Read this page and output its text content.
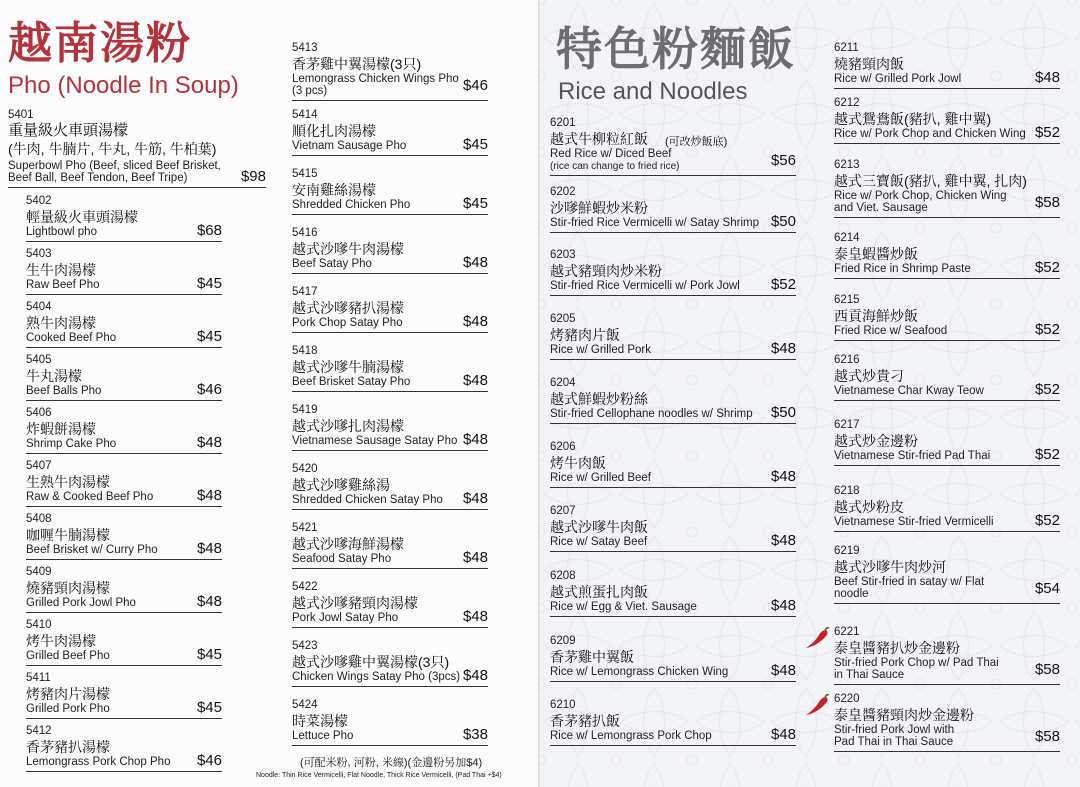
越南湯粉
Pho (Noodle In Soup)
5401
重量級火車頭湯檬
(牛肉, 牛腩片, 牛丸, 牛筋, 牛柏葉)
Superbowl Pho (Beef, sliced Beef Brisket,
Beef Ball, Beef Tendon, Beef Tripe)	$98
5402
輕量級火車頭湯檬
Lightbowl pho	$68
5403
生牛肉湯檬
Raw Beef Pho	$45
5404
熟牛肉湯檬
Cooked Beef Pho	$45
5405
牛丸湯檬
Beef Balls Pho	$46
5406
炸蝦餅湯檬
Shrimp Cake Pho	$48
5407
生熟牛肉湯檬
Raw & Cooked Beef Pho	$48
5408
咖喱牛腩湯檬
Beef Brisket w/ Curry Pho	$48
5409
燒豬頸肉湯檬
Grilled Pork Jowl Pho	$48
5410
烤牛肉湯檬
Grilled Beef Pho	$45
5411
烤豬肉片湯檬
Grilled Pork Pho	$45
5412
香茅豬扒湯檬
Lemongrass Pork Chop Pho $46
5413
香茅雞中翼湯檬(3只)
Lemongrass Chicken Wings Pho
(3 pcs)	$46
5414
順化扎肉湯檬
Vietnam Sausage Pho	$45
5415
安南雞絲湯檬
Shredded Chicken Pho	$45
5416
越式沙嗲牛肉湯檬
Beef Satay Pho	$48
5417
越式沙嗲豬扒湯檬
Pork Chop Satay Pho	$48
5418
越式沙嗲牛腩湯檬
Beef Brisket Satay Pho	$48
5419
越式沙嗲扎肉湯檬
Vietnamese Sausage Satay Pho $48
5420
越式沙嗲雞絲湯
Shredded Chicken Satay Pho $48
5421
越式沙嗲海鮮湯檬
Seafood Satay Pho	$48
5422
越式沙嗲豬頸肉湯檬
Pork Jowl Satay Pho	$48
5423
越式沙嗲雞中翼湯檬(3只)
Chicken Wings Satay Pho (3pcs) $48
5424
時菜湯檬
Lettuce Pho	$38
(可配米粉, 河粉, 米線)(金邊粉另加$4)
Noodle: Thin Rice Vermicelli, Flat Noodle, Thick Rice Vermicelli, (Pad Thai +$4)
特色粉麵飯
Rice and Noodles
6201
越式牛柳粒紅飯 (可改炒飯底)
Red Rice w/ Diced Beef
(rice can change to fried rice)	$56
6202
沙嗲鮮蝦炒米粉
Stir-fried Rice Vermicelli w/ Satay Shrimp $50
6203
越式豬頸肉炒米粉
Stir-fried Rice Vermicelli w/ Pork Jowl $52
6205
烤豬肉片飯
Rice w/ Grilled Pork	$48
6204
越式鮮蝦炒粉絲
Stir-fried Cellophane noodles w/ Shrimp $50
6206
烤牛肉飯
Rice w/ Grilled Beef	$48
6207
越式沙嗲牛肉飯
Rice w/ Satay Beef	$48
6208
越式煎蛋扎肉飯
Rice w/ Egg & Viet. Sausage	$48
6209
香茅雞中翼飯
Rice w/ Lemongrass Chicken Wing	$48
6210
香茅豬扒飯
Rice w/ Lemongrass Pork Chop	$48
6211
燒豬頸肉飯
Rice w/ Grilled Pork Jowl	$48
6212
越式鴛鴦飯(豬扒, 雞中翼)
Rice w/ Pork Chop and Chicken Wing $52
6213
越式三寶飯(豬扒, 雞中翼, 扎肉)
Rice w/ Pork Chop, Chicken Wing
and Viet. Sausage	$58
6214
泰皇蝦醬炒飯
Fried Rice in Shrimp Paste	$52
6215
西貢海鮮炒飯
Fried Rice w/ Seafood	$52
6216
越式炒貴刁
Vietnamese Char Kway Teow	$52
6217
越式炒金邊粉
Vietnamese Stir-fried Pad Thai	$52
6218
越式炒粉皮
Vietnamese Stir-fried Vermicelli	$52
6219
越式沙嗲牛肉炒河
Beef Stir-fried in satay w/ Flat
noodle	$54
6221
泰皇醬豬扒炒金邊粉
Stir-fried Pork Chop w/ Pad Thai
in Thai Sauce	$58
6220
泰皇醬豬頸肉炒金邊粉
Stir-fried Pork Jowl with
Pad Thai in Thai Sauce	$58
